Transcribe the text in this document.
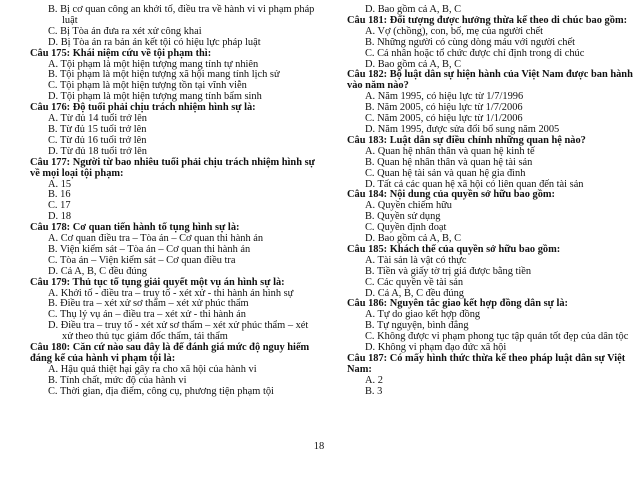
B. Bị cơ quan công an khởi tố, điều tra về hành vi vi phạm pháp
luật
C. Bị Tòa án đưa ra xét xử công khai
D. Bị Tòa án ra bản án kết tội có hiệu lực pháp luật
Câu 175: Khái niệm cứu về tội phạm thì:
A. Tội phạm là một hiện tượng mang tính tự nhiên
B. Tội phạm là một hiện tượng xã hội mang tính lịch sử
C. Tội phạm là một hiện tượng tồn tại vĩnh viễn
D. Tội phạm là một hiện tượng mang tính bẩm sinh
Câu 176: Độ tuổi phải chịu trách nhiệm hình sự là:
A. Từ đủ 14 tuổi trở lên
B. Từ đủ 15 tuổi trở lên
C. Từ đủ 16 tuổi trở lên
D. Từ đủ 18 tuổi trở lên
Câu 177: Người từ bao nhiêu tuổi phải chịu trách nhiệm hình sự
về mọi loại tội phạm:
A. 15
B. 16
C. 17
D. 18
Câu 178: Cơ quan tiến hành tố tụng hình sự là:
A. Cơ quan điều tra – Tòa án – Cơ quan thi hành án
B. Viện kiểm sát – Tòa án – Cơ quan thi hành án
C. Tòa án – Viện kiểm sát – Cơ quan điều tra
D. Cả A, B, C đều đúng
Câu 179: Thủ tục tố tụng giải quyết một vụ án hình sự là:
A. Khởi tố - điều tra – truy tố - xét xử - thi hành án hình sự
B. Điều tra – xét xử sơ thẩm – xét xử phúc thẩm
C. Thụ lý vụ án – điều tra – xét xử - thi hành án
D. Điều tra – truy tố - xét xử sơ thẩm – xét xử phúc thẩm – xét
xử theo thủ tục giám đốc thẩm, tái thẩm
Câu 180: Căn cứ nào sau đây là để đánh giá mức độ nguy hiểm
đáng kể của hành vi phạm tội là:
A. Hậu quả thiệt hại gây ra cho xã hội của hành vi
B. Tính chất, mức độ của hành vi
C. Thời gian, địa điểm, công cụ, phương tiện phạm tội
D. Bao gồm cả A, B, C
Câu 181: Đối tượng được hưởng thừa kế theo di chúc bao gồm:
A. Vợ (chồng), con, bố, mẹ của người chết
B. Những người có cùng dòng máu với người chết
C. Cá nhân hoặc tổ chức được chỉ định trong di chúc
D. Bao gồm cả A, B, C
Câu 182: Bộ luật dân sự hiện hành của Việt Nam được ban hành
vào năm nào?
A. Năm 1995, có hiệu lực từ 1/7/1996
B. Năm 2005, có hiệu lực từ 1/7/2006
C. Năm 2005, có hiệu lực từ 1/1/2006
D. Năm 1995, được sửa đổi bổ sung năm 2005
Câu 183: Luật dân sự điều chỉnh những quan hệ nào?
A. Quan hệ nhân thân và quan hệ kinh tế
B. Quan hệ nhân thân và quan hệ tài sản
C. Quan hệ tài sản và quan hệ gia đình
D. Tất cả các quan hệ xã hội có liên quan đến tài sản
Câu 184: Nội dung của quyền sở hữu bao gồm:
A. Quyền chiếm hữu
B. Quyền sử dụng
C. Quyền định đoạt
D. Bao gồm cả A, B, C
Câu 185: Khách thể của quyền sở hữu bao gồm:
A. Tài sản là vật có thực
B. Tiền và giấy tờ trị giá được bằng tiền
C. Các quyền về tài sản
D. Cả A, B, C đều đúng
Câu 186: Nguyên tắc giao kết hợp đồng dân sự là:
A. Tự do giao kết hợp đồng
B. Tự nguyện, bình đẳng
C. Không được vi phạm phong tục tập quán tốt đẹp của dân tộc
D. Không vi phạm đạo đức xã hội
Câu 187: Có mấy hình thức thừa kế theo pháp luật dân sự Việt
Nam:
A. 2
B. 3
18
